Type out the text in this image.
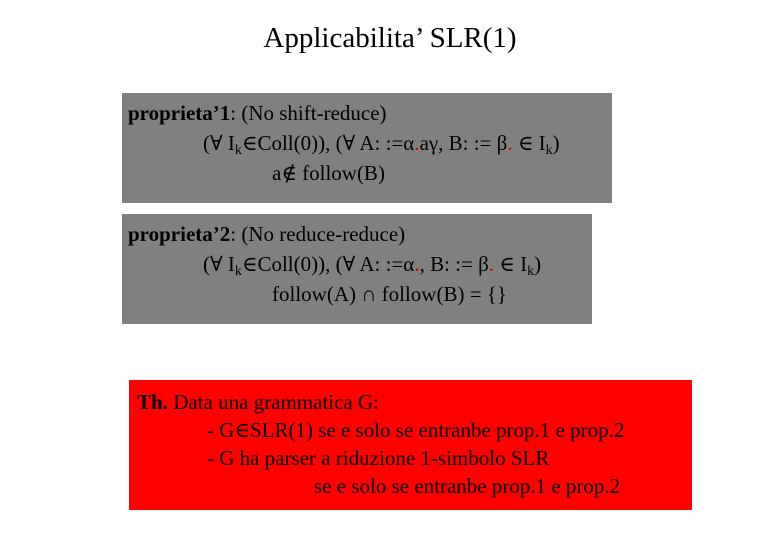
Applicabilita’ SLR(1)
proprieta’1: (No shift-reduce)
(∀ $I_k\in Coll(0)$), (∀ A: :=α.aγ, B: := β. ∈ $I_k$)
a∉ follow(B)
proprieta’2: (No reduce-reduce)
(∀ $I_k\in Coll(0)$), (∀ A: :=α., B: := β. ∈ $I_k$)
follow(A) ∩ follow(B) = {}
Th. Data una grammatica G:
- G∈SLR(1) se e solo se entranbe prop.1 e prop.2
- G ha parser a riduzione 1-simbolo SLR
se e solo se entranbe prop.1 e prop.2
